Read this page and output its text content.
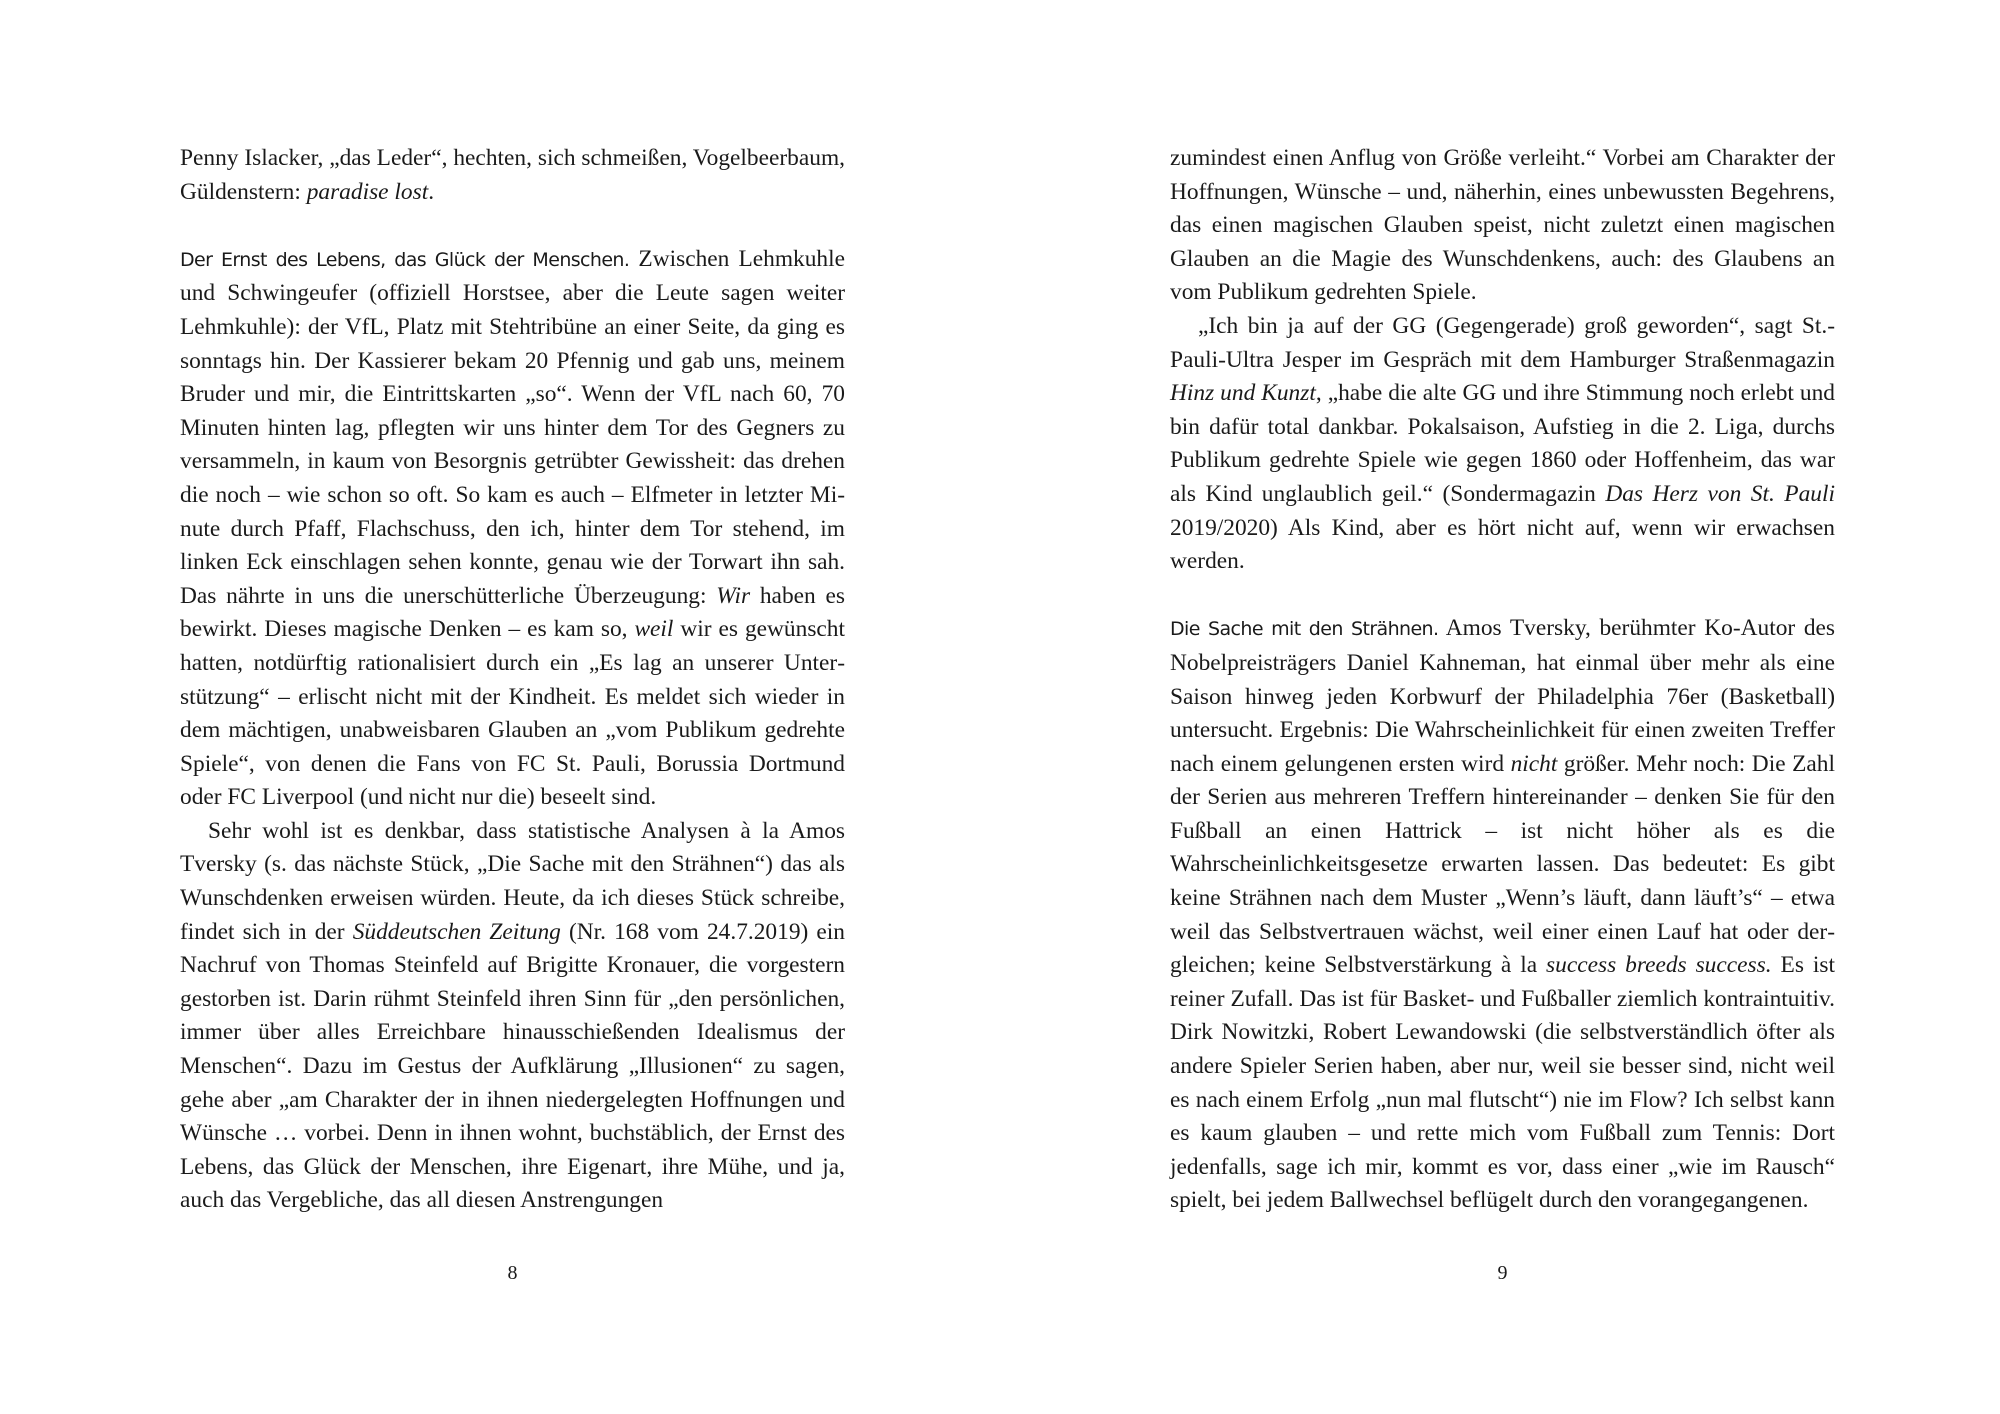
Penny Islacker, „das Leder“, hechten, sich schmeißen, Vogelbeerbaum, Güldenstern: paradise lost.

Der Ernst des Lebens, das Glück der Menschen. Zwischen Lehmkuhle und Schwingeufer (offiziell Horstsee, aber die Leute sagen weiter Lehmkuhle): der VfL, Platz mit Stehtribüne an einer Seite, da ging es sonntags hin. Der Kassierer bekam 20 Pfennig und gab uns, meinem Bruder und mir, die Eintrittskarten „so“. Wenn der VfL nach 60, 70 Minuten hinten lag, pflegten wir uns hinter dem Tor des Gegners zu versammeln, in kaum von Besorgnis getrübter Gewissheit: das drehen die noch – wie schon so oft. So kam es auch – Elfmeter in letzter Minute durch Pfaff, Flachschuss, den ich, hinter dem Tor stehend, im linken Eck einschlagen sehen konnte, genau wie der Torwart ihn sah. Das nährte in uns die unerschütterliche Überzeugung: Wir haben es bewirkt. Dieses magische Denken – es kam so, weil wir es gewünscht hatten, notdürftig rationalisiert durch ein „Es lag an unserer Unterstützung“ – erlischt nicht mit der Kindheit. Es meldet sich wieder in dem mächtigen, unabweisbaren Glauben an „vom Publikum gedrehte Spiele“, von denen die Fans von FC St. Pauli, Borussia Dortmund oder FC Liverpool (und nicht nur die) beseelt sind.

Sehr wohl ist es denkbar, dass statistische Analysen à la Amos Tversky (s. das nächste Stück, „Die Sache mit den Strähnen“) das als Wunschdenken erweisen würden. Heute, da ich dieses Stück schreibe, findet sich in der Süddeutschen Zeitung (Nr. 168 vom 24.7.2019) ein Nachruf von Thomas Steinfeld auf Brigitte Kronauer, die vorgestern gestorben ist. Darin rühmt Steinfeld ihren Sinn für „den persönlichen, immer über alles Erreichbare hinausschießenden Idealismus der Menschen“. Dazu im Gestus der Aufklärung „Illusionen“ zu sagen, gehe aber „am Charakter der in ihnen niedergelegten Hoffnungen und Wünsche … vorbei. Denn in ihnen wohnt, buchstäblich, der Ernst des Lebens, das Glück der Menschen, ihre Eigenart, ihre Mühe, und ja, auch das Vergebliche, das all diesen Anstrengungen

zumindest einen Anflug von Größe verleiht.“ Vorbei am Charakter der Hoffnungen, Wünsche – und, näherhin, eines unbewussten Begehrens, das einen magischen Glauben speist, nicht zuletzt einen magischen Glauben an die Magie des Wunschdenkens, auch: des Glaubens an vom Publikum gedrehten Spiele.

„Ich bin ja auf der GG (Gegengerade) groß geworden“, sagt St.-Pauli-Ultra Jesper im Gespräch mit dem Hamburger Straßenmagazin Hinz und Kunzt, „habe die alte GG und ihre Stimmung noch erlebt und bin dafür total dankbar. Pokalsaison, Aufstieg in die 2. Liga, durchs Publikum gedrehte Spiele wie gegen 1860 oder Hoffenheim, das war als Kind unglaublich geil.“ (Sondermagazin Das Herz von St. Pauli 2019/2020) Als Kind, aber es hört nicht auf, wenn wir erwachsen werden.

Die Sache mit den Strähnen. Amos Tversky, berühmter Ko-Autor des Nobelpreisträgers Daniel Kahneman, hat einmal über mehr als eine Saison hinweg jeden Korbwurf der Philadelphia 76er (Basketball) untersucht. Ergebnis: Die Wahrscheinlichkeit für einen zweiten Treffer nach einem gelungenen ersten wird nicht größer. Mehr noch: Die Zahl der Serien aus mehreren Treffern hintereinander – denken Sie für den Fußball an einen Hattrick – ist nicht höher als es die Wahrscheinlichkeitsgesetze erwarten lassen. Das bedeutet: Es gibt keine Strähnen nach dem Muster „Wenn’s läuft, dann läuft’s“ – etwa weil das Selbstvertrauen wächst, weil einer einen Lauf hat oder dergleichen; keine Selbstverstärkung à la success breeds success. Es ist reiner Zufall. Das ist für Basket- und Fußballer ziemlich kontraintuitiv. Dirk Nowitzki, Robert Lewandowski (die selbstverständlich öfter als andere Spieler Serien haben, aber nur, weil sie besser sind, nicht weil es nach einem Erfolg „nun mal flutscht“) nie im Flow? Ich selbst kann es kaum glauben – und rette mich vom Fußball zum Tennis: Dort jedenfalls, sage ich mir, kommt es vor, dass einer „wie im Rausch“ spielt, bei jedem Ballwechsel beflügelt durch den vorangegangenen.

8	9
